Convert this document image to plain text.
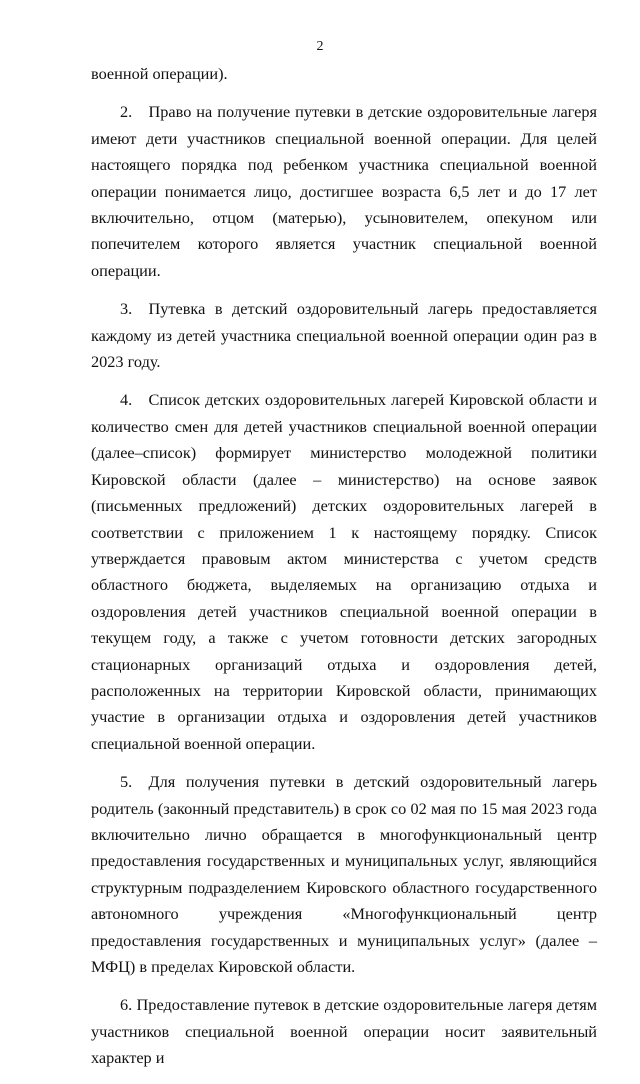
2

военной операции).

2. Право на получение путевки в детские оздоровительные лагеря имеют дети участников специальной военной операции. Для целей настоящего порядка под ребенком участника специальной военной операции понимается лицо, достигшее возраста 6,5 лет и до 17 лет включительно, отцом (матерью), усыновителем, опекуном или попечителем которого является участник специальной военной операции.

3. Путевка в детский оздоровительный лагерь предоставляется каждому из детей участника специальной военной операции один раз в 2023 году.

4. Список детских оздоровительных лагерей Кировской области и количество смен для детей участников специальной военной операции (далее–список) формирует министерство молодежной политики Кировской области (далее – министерство) на основе заявок (письменных предложений) детских оздоровительных лагерей в соответствии с приложением 1 к настоящему порядку. Список утверждается правовым актом министерства с учетом средств областного бюджета, выделяемых на организацию отдыха и оздоровления детей участников специальной военной операции в текущем году, а также с учетом готовности детских загородных стационарных организаций отдыха и оздоровления детей, расположенных на территории Кировской области, принимающих участие в организации отдыха и оздоровления детей участников специальной военной операции.

5. Для получения путевки в детский оздоровительный лагерь родитель (законный представитель) в срок со 02 мая по 15 мая 2023 года включительно лично обращается в многофункциональный центр предоставления государственных и муниципальных услуг, являющийся структурным подразделением Кировского областного государственного автономного учреждения «Многофункциональный центр предоставления государственных и муниципальных услуг» (далее – МФЦ) в пределах Кировской области.

6. Предоставление путевок в детские оздоровительные лагеря детям участников специальной военной операции носит заявительный характер и
